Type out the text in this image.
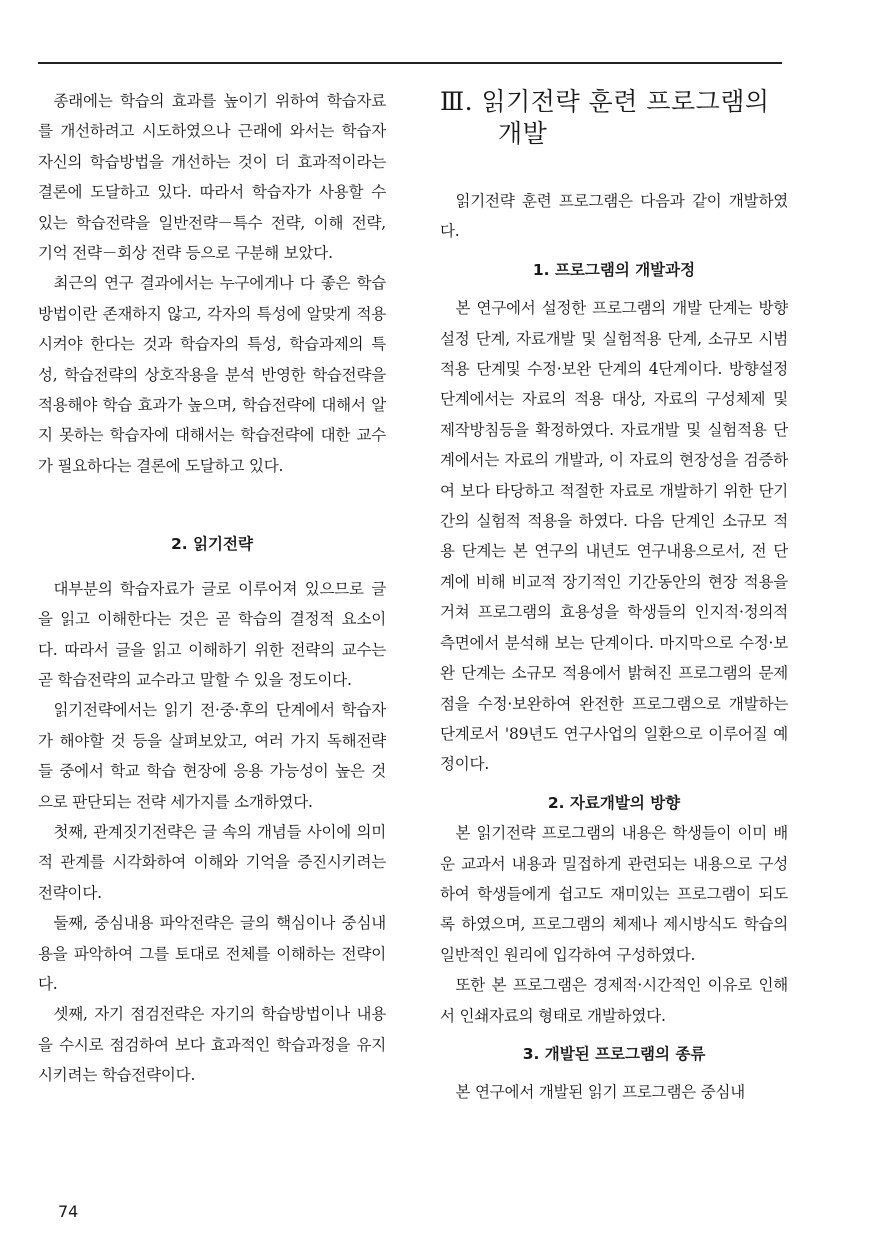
종래에는 학습의 효과를 높이기 위하여 학습자료를 개선하려고 시도하였으나 근래에 와서는 학습자 자신의 학습방법을 개선하는 것이 더 효과적이라는 결론에 도달하고 있다. 따라서 학습자가 사용할 수 있는 학습전략을 일반전략－특수 전략, 이해 전략, 기억 전략－회상 전략 등으로 구분해 보았다.

최근의 연구 결과에서는 누구에게나 다 좋은 학습방법이란 존재하지 않고, 각자의 특성에 알맞게 적용시켜야 한다는 것과 학습자의 특성, 학습과제의 특성, 학습전략의 상호작용을 분석 반영한 학습전략을 적용해야 학습 효과가 높으며, 학습전략에 대해서 알지 못하는 학습자에 대해서는 학습전략에 대한 교수가 필요하다는 결론에 도달하고 있다.

2. 읽기전략

대부분의 학습자료가 글로 이루어져 있으므로 글을 읽고 이해한다는 것은 곧 학습의 결정적 요소이다. 따라서 글을 읽고 이해하기 위한 전략의 교수는 곧 학습전략의 교수라고 말할 수 있을 정도이다.

읽기전략에서는 읽기 전·중·후의 단계에서 학습자가 해야할 것 등을 살펴보았고, 여러 가지 독해전략들 중에서 학교 학습 현장에 응용 가능성이 높은 것으로 판단되는 전략 세가지를 소개하였다.

첫째, 관계짓기전략은 글 속의 개념들 사이에 의미적 관계를 시각화하여 이해와 기억을 증진시키려는 전략이다.

둘째, 중심내용 파악전략은 글의 핵심이나 중심내용을 파악하여 그를 토대로 전체를 이해하는 전략이다.

셋째, 자기 점검전략은 자기의 학습방법이나 내용을 수시로 점검하여 보다 효과적인 학습과정을 유지시키려는 학습전략이다.

Ⅲ. 읽기전략 훈련 프로그램의 개발

읽기전략 훈련 프로그램은 다음과 같이 개발하였다.

1. 프로그램의 개발과정

본 연구에서 설정한 프로그램의 개발 단계는 방향설정 단계, 자료개발 및 실험적용 단계, 소규모 시범 적용 단계및 수정·보완 단계의 4단계이다. 방향설정 단계에서는 자료의 적용 대상, 자료의 구성체제 및 제작방침등을 확정하였다. 자료개발 및 실험적용 단계에서는 자료의 개발과, 이 자료의 현장성을 검증하여 보다 타당하고 적절한 자료로 개발하기 위한 단기간의 실험적 적용을 하였다. 다음 단계인 소규모 적용 단계는 본 연구의 내년도 연구내용으로서, 전 단계에 비해 비교적 장기적인 기간동안의 현장 적용을 거쳐 프로그램의 효용성을 학생들의 인지적·정의적 측면에서 분석해 보는 단계이다. 마지막으로 수정·보완 단계는 소규모 적용에서 밝혀진 프로그램의 문제점을 수정·보완하여 완전한 프로그램으로 개발하는 단계로서 '89년도 연구사업의 일환으로 이루어질 예정이다.

2. 자료개발의 방향

본 읽기전략 프로그램의 내용은 학생들이 이미 배운 교과서 내용과 밀접하게 관련되는 내용으로 구성하여 학생들에게 쉽고도 재미있는 프로그램이 되도록 하였으며, 프로그램의 체제나 제시방식도 학습의 일반적인 원리에 입각하여 구성하였다.

또한 본 프로그램은 경제적·시간적인 이유로 인해서 인쇄자료의 형태로 개발하였다.

3. 개발된 프로그램의 종류

본 연구에서 개발된 읽기 프로그램은 중심내

74
